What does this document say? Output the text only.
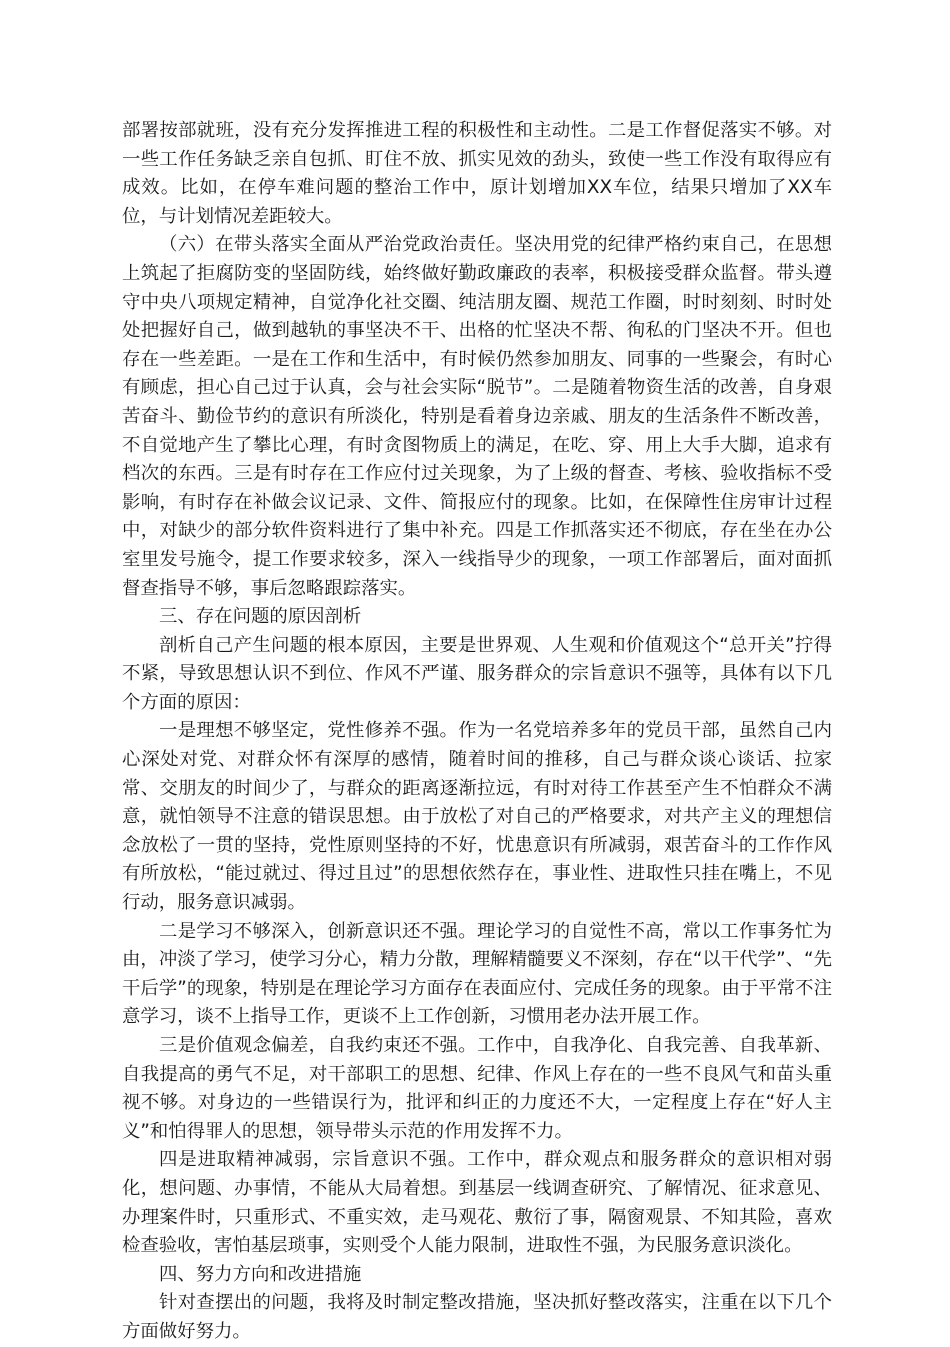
部署按部就班，没有充分发挥推进工程的积极性和主动性。二是工作督促落实不够。对一些工作任务缺乏亲自包抓、盯住不放、抓实见效的劲头，致使一些工作没有取得应有成效。比如，在停车难问题的整治工作中，原计划增加XX车位，结果只增加了XX车位，与计划情况差距较大。

（六）在带头落实全面从严治党政治责任。坚决用党的纪律严格约束自己，在思想上筑起了拒腐防变的坚固防线，始终做好勤政廉政的表率，积极接受群众监督。带头遵守中央八项规定精神，自觉净化社交圈、纯洁朋友圈、规范工作圈，时时刻刻、时时处处把握好自己，做到越轨的事坚决不干、出格的忙坚决不帮、徇私的门坚决不开。但也存在一些差距。一是在工作和生活中，有时候仍然参加朋友、同事的一些聚会，有时心有顾虑，担心自己过于认真，会与社会实际“脱节”。二是随着物资生活的改善，自身艰苦奋斗、勤俭节约的意识有所淡化，特别是看着身边亲戚、朋友的生活条件不断改善，不自觉地产生了攀比心理，有时贪图物质上的满足，在吃、穿、用上大手大脚，追求有档次的东西。三是有时存在工作应付过关现象，为了上级的督查、考核、验收指标不受影响，有时存在补做会议记录、文件、简报应付的现象。比如，在保障性住房审计过程中，对缺少的部分软件资料进行了集中补充。四是工作抓落实还不彻底，存在坐在办公室里发号施令，提工作要求较多，深入一线指导少的现象，一项工作部署后，面对面抓督查指导不够，事后忽略跟踪落实。

三、存在问题的原因剖析

剖析自己产生问题的根本原因，主要是世界观、人生观和价值观这个“总开关”拧得不紧，导致思想认识不到位、作风不严谨、服务群众的宗旨意识不强等，具体有以下几个方面的原因：

一是理想不够坚定，党性修养不强。作为一名党培养多年的党员干部，虽然自己内心深处对党、对群众怀有深厚的感情，随着时间的推移，自己与群众谈心谈话、拉家常、交朋友的时间少了，与群众的距离逐渐拉远，有时对待工作甚至产生不怕群众不满意，就怕领导不注意的错误思想。由于放松了对自己的严格要求，对共产主义的理想信念放松了一贯的坚持，党性原则坚持的不好，忧患意识有所减弱，艰苦奋斗的工作作风有所放松，“能过就过、得过且过”的思想依然存在，事业性、进取性只挂在嘴上，不见行动，服务意识减弱。

二是学习不够深入，创新意识还不强。理论学习的自觉性不高，常以工作事务忙为由，冲淡了学习，使学习分心，精力分散，理解精髓要义不深刻，存在“以干代学”、“先干后学”的现象，特别是在理论学习方面存在表面应付、完成任务的现象。由于平常不注意学习，谈不上指导工作，更谈不上工作创新，习惯用老办法开展工作。

三是价值观念偏差，自我约束还不强。工作中，自我净化、自我完善、自我革新、自我提高的勇气不足，对干部职工的思想、纪律、作风上存在的一些不良风气和苗头重视不够。对身边的一些错误行为，批评和纠正的力度还不大，一定程度上存在“好人主义”和怕得罪人的思想，领导带头示范的作用发挥不力。

四是进取精神减弱，宗旨意识不强。工作中，群众观点和服务群众的意识相对弱化，想问题、办事情，不能从大局着想。到基层一线调查研究、了解情况、征求意见、办理案件时，只重形式、不重实效，走马观花、敷衍了事，隔窗观景、不知其险，喜欢检查验收，害怕基层琐事，实则受个人能力限制，进取性不强，为民服务意识淡化。

四、努力方向和改进措施

针对查摆出的问题，我将及时制定整改措施，坚决抓好整改落实，注重在以下几个方面做好努力。
